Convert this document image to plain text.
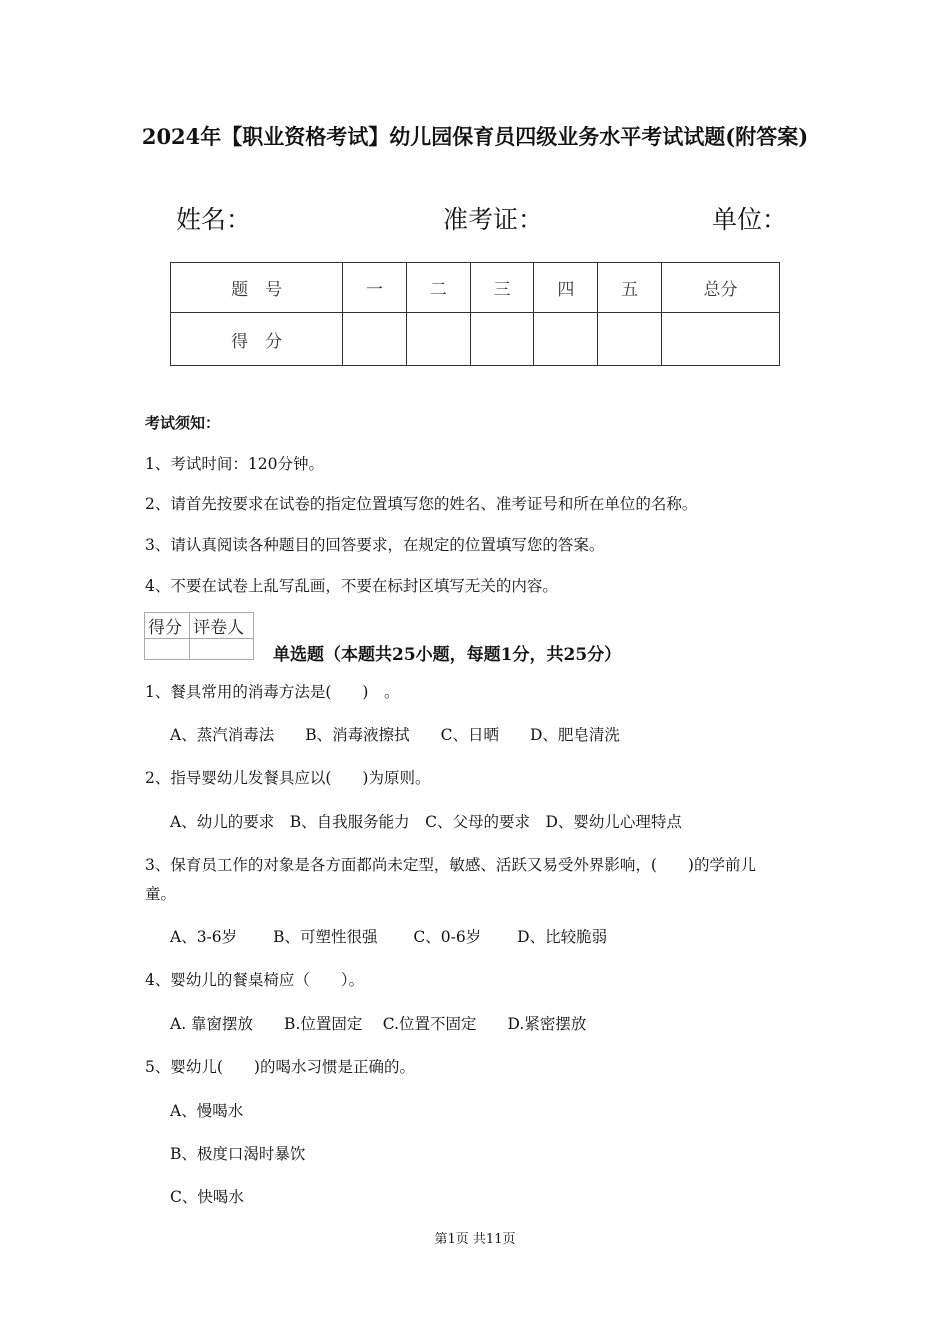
2024年【职业资格考试】幼儿园保育员四级业务水平考试试题(附答案)
姓名：	准考证：	单位：
题　号	一	二	三	四	五	总分
得　分						
考试须知：
1、考试时间：120分钟。
2、请首先按要求在试卷的指定位置填写您的姓名、准考证号和所在单位的名称。
3、请认真阅读各种题目的回答要求，在规定的位置填写您的答案。
4、不要在试卷上乱写乱画，不要在标封区填写无关的内容。
得分	评卷人

单选题（本题共25小题，每题1分，共25分）
1、餐具常用的消毒方法是(　　)　。
A、蒸汽消毒法　　B、消毒液擦拭　　C、日晒　　D、肥皂清洗
2、指导婴幼儿发餐具应以(　　)为原则。
A、幼儿的要求　B、自我服务能力　C、父母的要求　D、婴幼儿心理特点
3、保育员工作的对象是各方面都尚未定型，敏感、活跃又易受外界影响，(　　)的学前儿
童。
A、3-6岁　　 B、可塑性很强　　 C、0-6岁　　 D、比较脆弱
4、婴幼儿的餐桌椅应（　　）。
A. 靠窗摆放　　B.位置固定　 C.位置不固定　　D.紧密摆放
5、婴幼儿(　　)的喝水习惯是正确的。
A、慢喝水
B、极度口渴时暴饮
C、快喝水
第1页 共11页
